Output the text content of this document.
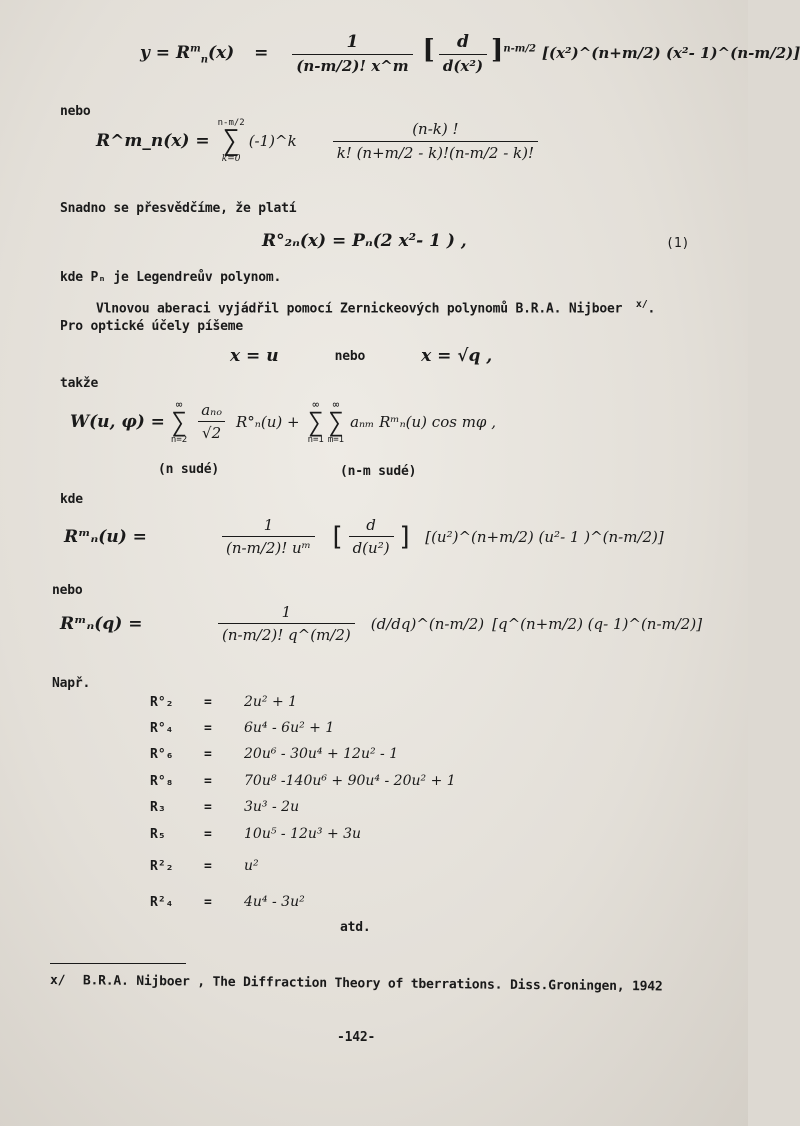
$y = R^m_n(x) = \frac{1}{(n-m/2)! x\^{}m}$ [ $\frac{d}{\text{d(x²)}} ]^{n-m/2}$ [(x²)^(n+m/2) (x²- 1)^(n-m/2)]
nebo
R^m_n(x) =
n-m/2
∑
k=0
(-1)^k $\frac{(n-k) !}{k! (n+m/2 - k)!(n-m/2 - k)!}$
Snadno se přesvědčíme, že platí
R°₂ₙ(x) = Pₙ(2 x²- 1 ) ,	(1)
kde Pₙ je Legendreův polynom.
Vlnovou aberaci vyjádřil pomocí Zernickeových polynomů B.R.A. Nijboer $^{x/}$.
Pro optické účely píšeme
x = u	nebo	x = √q ,
takže
W(u, φ) =
∞
∑
$n=2 \frac{\text{aₙₒ}}{√2} R^\circ_n(u)$ +
∞
∑
n=1
∞
∑
m=1
aₙₘ Rᵐₙ(u) cos mφ ,
(n sudé)	(n-m sudé)
kde
Rᵐₙ(u) =	$\frac{1}{\text{(n-m/2)! uᵐ}}$ [ $\frac{d}{\text{d(u²)}}$ ] [(u²)^(n+m/2) (u²- 1 )^(n-m/2)]
nebo
Rᵐₙ(q) =	$\frac{1}{(n-m/2)! q\^{}(m/2)}$ (d/dq)^(n-m/2) [q^(n+m/2) (q- 1)^(n-m/2)]
Např.
R°₂	=	2u² + 1
R°₄	=	6u⁴ - 6u² + 1
R°₆	=	20u⁶ - 30u⁴ + 12u² - 1
R°₈	=	70u⁸ -140u⁶ + 90u⁴ - 20u² + 1
R₃	=	3u³ - 2u
R₅	=	10u⁵ - 12u³ + 3u
R²₂	=	u²
R²₄	=	4u⁴ - 3u²
atd.
x/ B.R.A. Nijboer , The Diffraction Theory of tberrations. Diss.Groningen, 1942
-142-
